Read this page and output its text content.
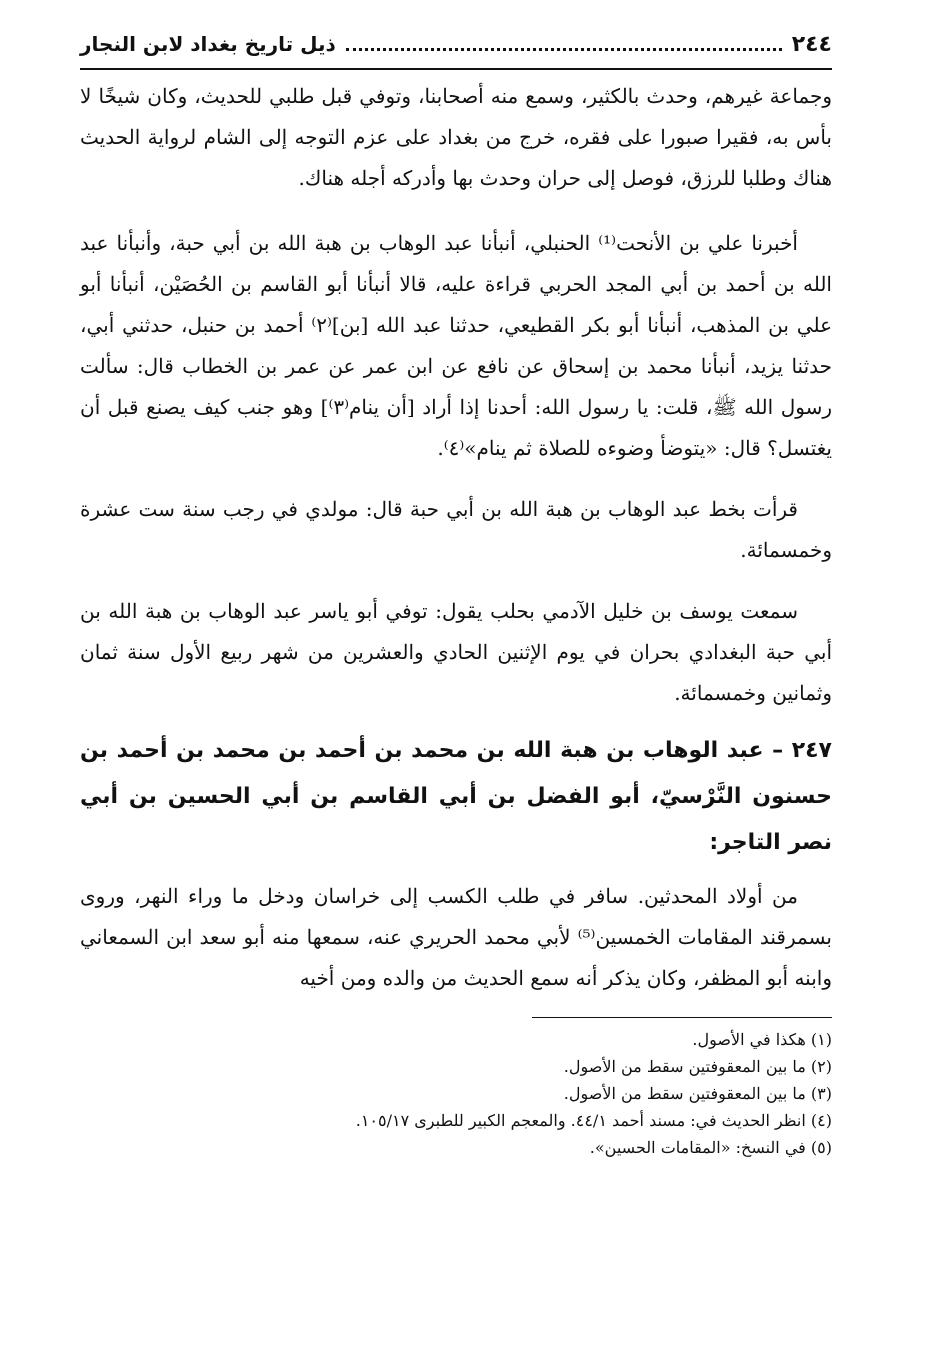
٢٤٤
ذيل تاريخ بغداد لابن النجار

وجماعة غيرهم، وحدث بالكثير، وسمع منه أصحابنا، وتوفي قبل طلبي للحديث، وكان شيخًا لا بأس به، فقيرا صبورا على فقره، خرج من بغداد على عزم التوجه إلى الشام لرواية الحديث هناك وطلبا للرزق، فوصل إلى حران وحدث بها وأدركه أجله هناك.

أخبرنا علي بن الأنحت⁽¹⁾ الحنبلي، أنبأنا عبد الوهاب بن هبة الله بن أبي حبة، وأنبأنا عبد الله بن أحمد بن أبي المجد الحربي قراءة عليه، قالا أنبأنا أبو القاسم بن الحُصَيْن، أنبأنا أبو علي بن المذهب، أنبأنا أبو بكر القطيعي، حدثنا عبد الله [بن]⁽٢⁾ أحمد بن حنبل، حدثني أبي، حدثنا يزيد، أنبأنا محمد بن إسحاق عن نافع عن ابن عمر عن عمر بن الخطاب قال: سألت رسول الله ﷺ، قلت: يا رسول الله: أحدنا إذا أراد [أن ينام⁽٣⁾] وهو جنب كيف يصنع قبل أن يغتسل؟ قال: «يتوضأ وضوءه للصلاة ثم ينام»⁽٤⁾.

قرأت بخط عبد الوهاب بن هبة الله بن أبي حبة قال: مولدي في رجب سنة ست عشرة وخمسمائة.

سمعت يوسف بن خليل الآدمي بحلب يقول: توفي أبو ياسر عبد الوهاب بن هبة الله بن أبي حبة البغدادي بحران في يوم الإثنين الحادي والعشرين من شهر ربيع الأول سنة ثمان وثمانين وخمسمائة.

٢٤٧ – عبد الوهاب بن هبة الله بن محمد بن أحمد بن محمد بن أحمد بن حسنون النَّرْسيّ، أبو الفضل بن أبي القاسم بن أبي الحسين بن أبي نصر التاجر:

من أولاد المحدثين. سافر في طلب الكسب إلى خراسان ودخل ما وراء النهر، وروى بسمرقند المقامات الخمسين⁽⁵⁾ لأبي محمد الحريري عنه، سمعها منه أبو سعد ابن السمعاني وابنه أبو المظفر، وكان يذكر أنه سمع الحديث من والده ومن أخيه

(١) هكذا في الأصول.
(٢) ما بين المعقوفتين سقط من الأصول.
(٣) ما بين المعقوفتين سقط من الأصول.
(٤) انظر الحديث في: مسند أحمد ٤٤/١. والمعجم الكبير للطبرى ١٠٥/١٧.
(٥) في النسخ: «المقامات الحسين».
